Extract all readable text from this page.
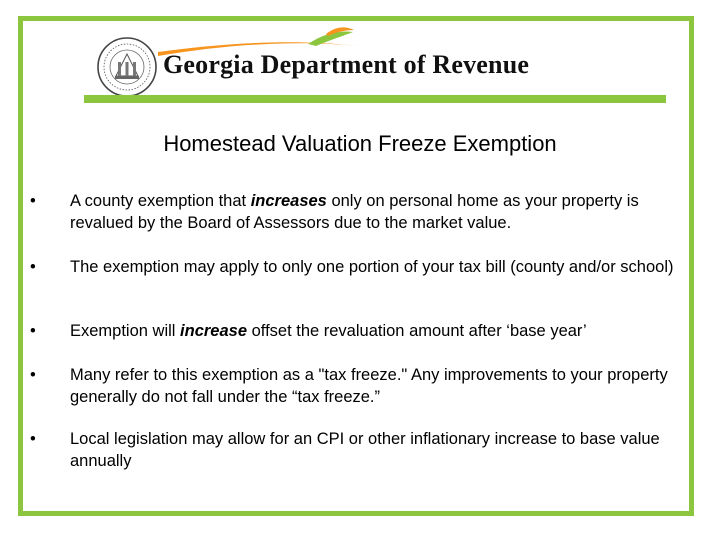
Georgia Department of Revenue
Homestead Valuation Freeze Exemption
• A county exemption that increases only on personal home as your property is revalued by the Board of Assessors due to the market value.
• The exemption may apply to only one portion of your tax bill (county and/or school)
• Exemption will increase offset the revaluation amount after ‘base year’
• Many refer to this exemption as a "tax freeze." Any improvements to your property generally do not fall under the “tax freeze.”
• Local legislation may allow for an CPI or other inflationary increase to base value annually
